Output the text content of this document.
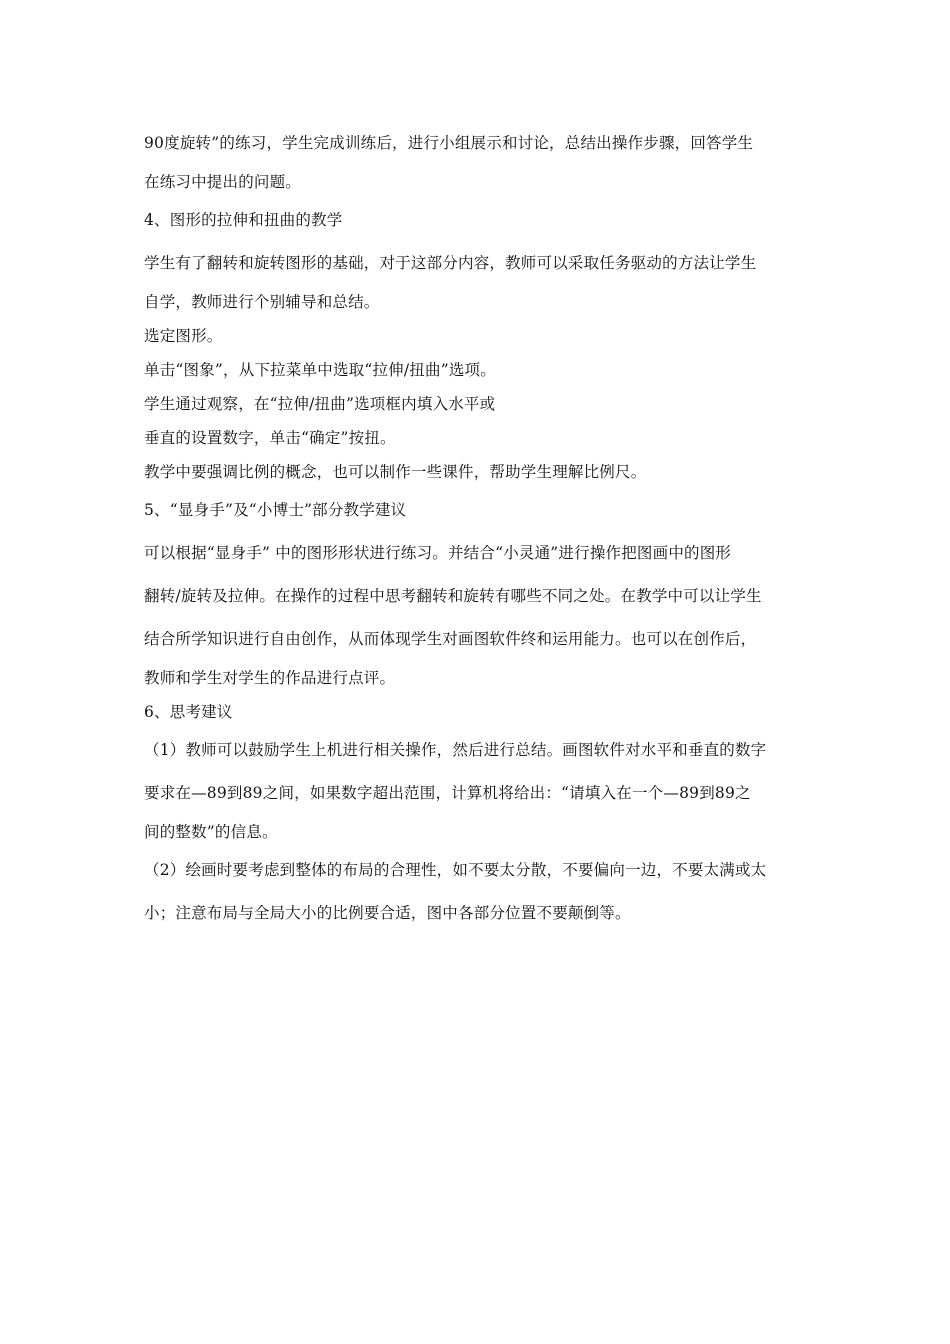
90度旋转”的练习，学生完成训练后，进行小组展示和讨论，总结出操作步骤，回答学生
在练习中提出的问题。
4、图形的拉伸和扭曲的教学
学生有了翻转和旋转图形的基础，对于这部分内容，教师可以采取任务驱动的方法让学生
自学，教师进行个别辅导和总结。
选定图形。
单击“图象”，从下拉菜单中选取“拉伸/扭曲”选项。
学生通过观察，在“拉伸/扭曲”选项框内填入水平或
垂直的设置数字，单击“确定”按扭。
教学中要强调比例的概念，也可以制作一些课件，帮助学生理解比例尺。
5、“显身手”及“小博士”部分教学建议
可以根据“显身手” 中的图形形状进行练习。并结合“小灵通”进行操作把图画中的图形
翻转/旋转及拉伸。在操作的过程中思考翻转和旋转有哪些不同之处。在教学中可以让学生
结合所学知识进行自由创作，从而体现学生对画图软件终和运用能力。也可以在创作后，
教师和学生对学生的作品进行点评。
6、思考建议
（1）教师可以鼓励学生上机进行相关操作，然后进行总结。画图软件对水平和垂直的数字
要求在—89到89之间，如果数字超出范围，计算机将给出：“请填入在一个—89到89之
间的整数”的信息。
（2）绘画时要考虑到整体的布局的合理性，如不要太分散，不要偏向一边，不要太满或太
小；注意布局与全局大小的比例要合适，图中各部分位置不要颠倒等。
